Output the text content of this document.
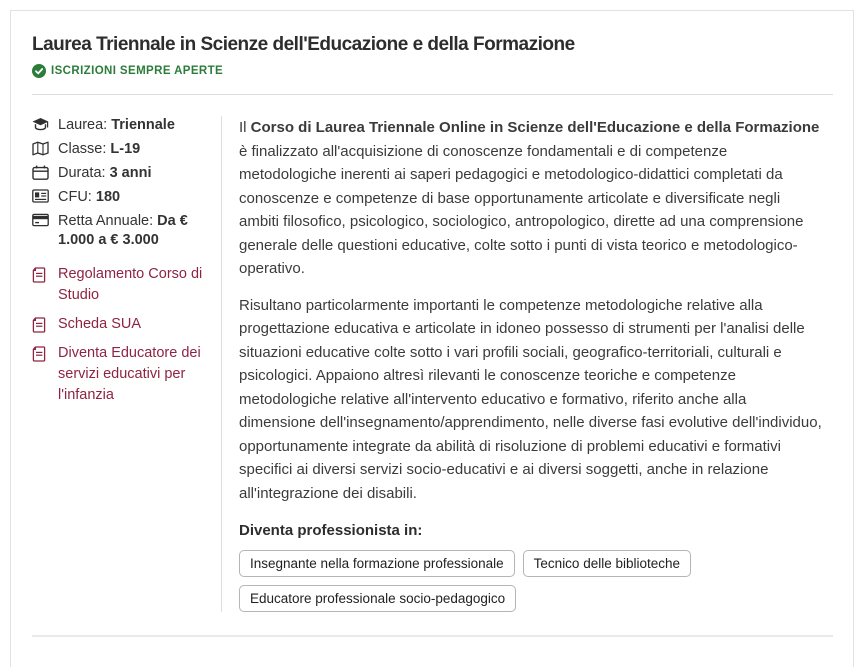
Laurea Triennale in Scienze dell'Educazione e della Formazione
ISCRIZIONI SEMPRE APERTE
Laurea: Triennale
Classe: L-19
Durata: 3 anni
CFU: 180
Retta Annuale: Da € 1.000 a € 3.000
Regolamento Corso di Studio
Scheda SUA
Diventa Educatore dei servizi educativi per l'infanzia

Il Corso di Laurea Triennale Online in Scienze dell'Educazione e della Formazione è finalizzato all'acquisizione di conoscenze fondamentali e di competenze metodologiche inerenti ai saperi pedagogici e metodologico-didattici completati da conoscenze e competenze di base opportunamente articolate e diversificate negli ambiti filosofico, psicologico, sociologico, antropologico, dirette ad una comprensione generale delle questioni educative, colte sotto i punti di vista teorico e metodologico-operativo.

Risultano particolarmente importanti le competenze metodologiche relative alla progettazione educativa e articolate in idoneo possesso di strumenti per l'analisi delle situazioni educative colte sotto i vari profili sociali, geografico-territoriali, culturali e psicologici. Appaiono altresì rilevanti le conoscenze teoriche e competenze metodologiche relative all'intervento educativo e formativo, riferito anche alla dimensione dell'insegnamento/apprendimento, nelle diverse fasi evolutive dell'individuo, opportunamente integrate da abilità di risoluzione di problemi educativi e formativi specifici ai diversi servizi socio-educativi e ai diversi soggetti, anche in relazione all'integrazione dei disabili.

Diventa professionista in:
Insegnante nella formazione professionale	Tecnico delle biblioteche
Educatore professionale socio-pedagogico
